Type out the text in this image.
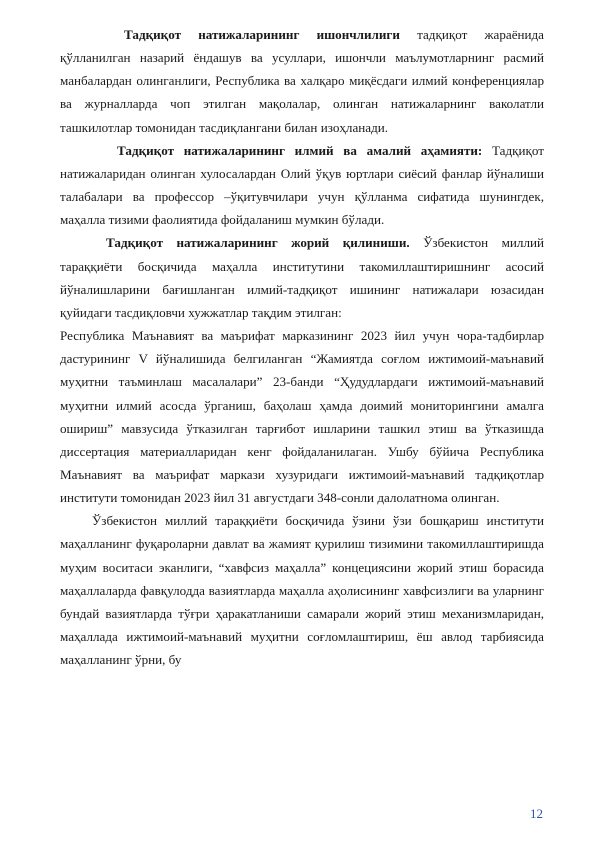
Тадқиқот натижаларининг ишончлилиги тадқиқот жараёнида қўлланилган назарий ёндашув ва усуллари, ишончли маълумотларнинг расмий манбалардан олинганлиги, Республика ва халқаро миқёсдаги илмий конференциялар ва журналларда чоп этилган мақолалар, олинган натижаларнинг ваколатли ташкилотлар томонидан тасдиқлангани билан изоҳланади.

Тадқиқот натижаларининг илмий ва амалий аҳамияти: Тадқиқот натижаларидан олинган хулосалардан Олий ўқув юртлари сиёсий фанлар йўналиши талабалари ва профессор –ўқитувчилари учун қўлланма сифатида шунингдек, маҳалла тизими фаолиятида фойдаланиш мумкин бўлади.

Тадқиқот натижаларининг жорий қилиниши. Ўзбекистон миллий тараққиёти босқичида маҳалла институтини такомиллаштиришнинг асосий йўналишларини бағишланган илмий-тадқиқот ишининг натижалари юзасидан қуйидаги тасдиқловчи хужжатлар тақдим этилган:

Республика Маънавият ва маърифат марказининг 2023 йил учун чора-тадбирлар дастурининг V йўналишида белгиланган “Жамиятда соғлом ижтимоий-маънавий муҳитни таъминлаш масалалари” 23-банди “Ҳудудлардаги ижтимоий-маънавий муҳитни илмий асосда ўрганиш, баҳолаш ҳамда доимий мониторингини амалга ошириш” мавзусида ўтказилган тарғибот ишларини ташкил этиш ва ўтказишда диссертация материалларидан кенг фойдаланилаган. Ушбу бўйича Республика Маънавият ва маърифат маркази хузуридаги ижтимоий-маънавий тадқиқотлар институти томонидан 2023 йил 31 августдаги 348-сонли далолатнома олинган.

Ўзбекистон миллий тараққиёти босқичида ўзини ўзи бошқариш институти маҳалланинг фуқароларни давлат ва жамият қурилиш тизимини такомиллаштиришда муҳим воситаси эканлиги, “хавфсиз маҳалла” концецияcини жорий этиш борасида маҳаллаларда фавқулодда вазиятларда маҳалла аҳолисининг хавфсизлиги ва уларнинг бундай вазиятларда тўғри ҳаракатланиши самарали жорий этиш механизмларидан, маҳаллада ижтимоий-маънавий муҳитни соғломлаштириш, ёш авлод тарбиясида маҳалланинг ўрни, бу

12
